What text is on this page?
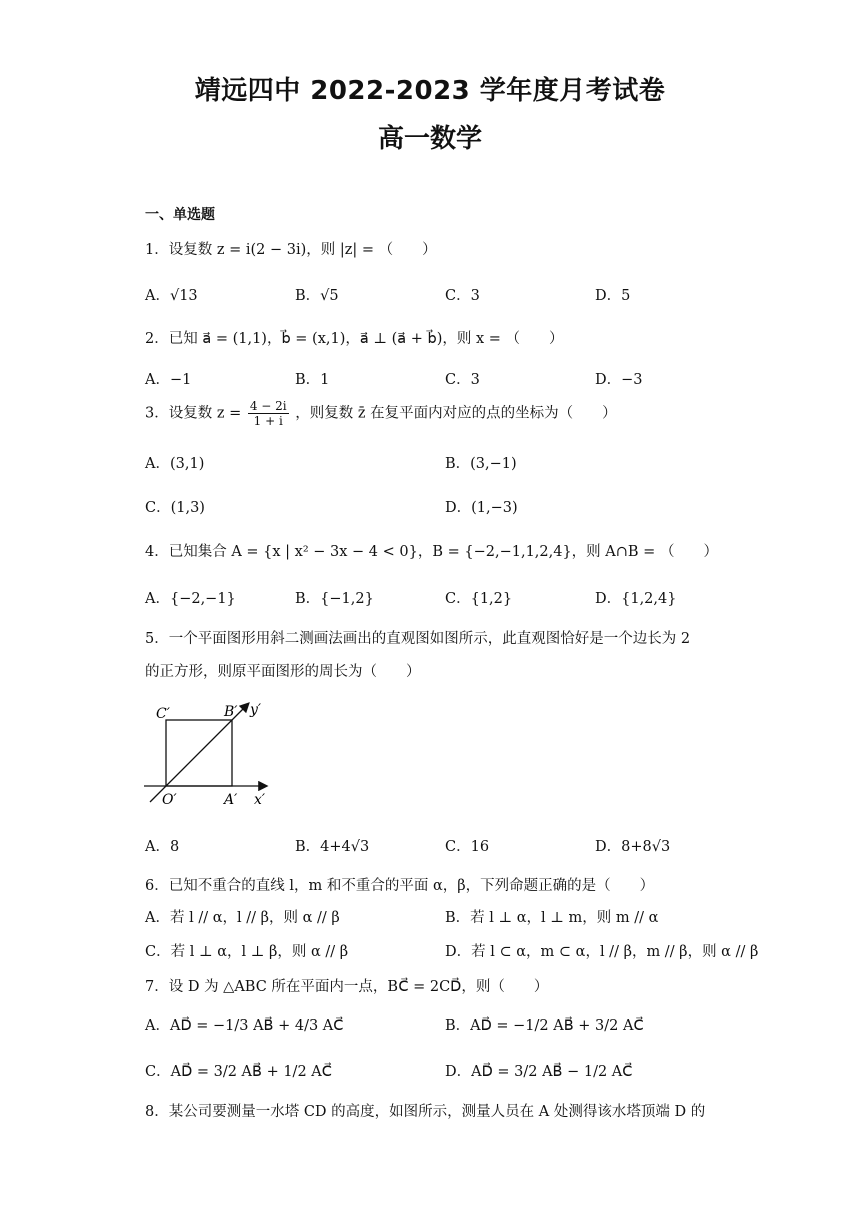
靖远四中 2022-2023 学年度月考试卷
高一数学
一、单选题
1．设复数 z = i(2 − 3i)，则 |z| = （　　）
A．√13	B．√5	C．3	D．5
2．已知 a⃗ = (1,1)，b⃗ = (x,1)，a⃗ ⊥ (a⃗ + b⃗)，则 x = （　　）
A．−1	B．1	C．3	D．−3
3．设复数 $z = \frac{4 - 2i}{1 + i}$ ，则复数 z̄ 在复平面内对应的点的坐标为（　　）
A．(3,1)	B．(3,−1)
C．(1,3)	D．(1,−3)
4．已知集合 A = {x | x² − 3x − 4 < 0}，B = {−2,−1,1,2,4}，则 A∩B = （　　）
A．{−2,−1}	B．{−1,2}	C．{1,2}	D．{1,2,4}
5．一个平面图形用斜二测画法画出的直观图如图所示，此直观图恰好是一个边长为 2
的正方形，则原平面图形的周长为（　　）
C′	B′ y′
O′	A′ x′
A．8	B．4+4√3	C．16	D．8+8√3
6．已知不重合的直线 l，m 和不重合的平面 α，β，下列命题正确的是（　　）
A．若 l // α，l // β，则 α // β	B．若 l ⊥ α，l ⊥ m，则 m // α
C．若 l ⊥ α，l ⊥ β，则 α // β	D．若 l ⊂ α，m ⊂ α，l // β，m // β，则 α // β
7．设 D 为 △ABC 所在平面内一点，BC⃗ = 2CD⃗，则（　　）
A．AD⃗ = −1/3 AB⃗ + 4/3 AC⃗	B．AD⃗ = −1/2 AB⃗ + 3/2 AC⃗
C．AD⃗ = 3/2 AB⃗ + 1/2 AC⃗	D．AD⃗ = 3/2 AB⃗ − 1/2 AC⃗
8．某公司要测量一水塔 CD 的高度，如图所示，测量人员在 A 处测得该水塔顶端 D 的
